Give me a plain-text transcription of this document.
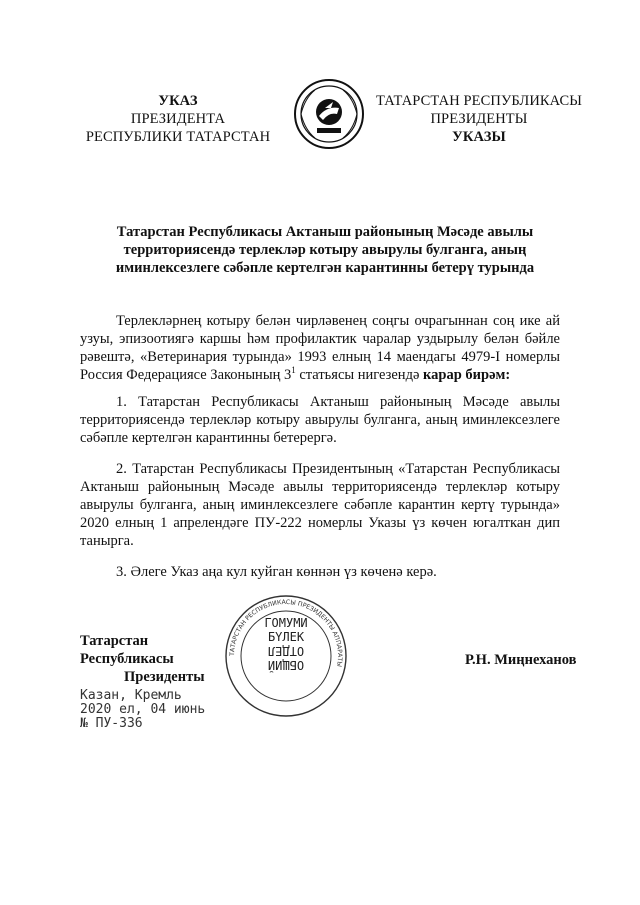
УКАЗ
ПРЕЗИДЕНТА
РЕСПУБЛИКИ ТАТАРСТАН
ТАТАРСТАН РЕСПУБЛИКАСЫ
ПРЕЗИДЕНТЫ
УКАЗЫ
Татарстан Республикасы Актаныш районының Мәсәде авылы территориясендә терлекләр котыру авырулы булганга, аның иминлексезлеге сәбәпле кертелгән карантинны бетерү турында
Терлекләрнең котыру белән чирләвенең соңгы очрагыннан соң ике ай узуы, эпизоотиягә каршы һәм профилактик чаралар уздырылу белән бәйле рәвештә, «Ветеринария турында» 1993 елның 14 маендагы 4979-I номерлы Россия Федерациясе Законының $3^1$ статьясы нигезендә карар бирәм:
1. Татарстан Республикасы Актаныш районының Мәсәде авылы территориясендә терлекләр котыру авырулы булганга, аның иминлексезлеге сәбәпле кертелгән карантинны бетерергә.
2. Татарстан Республикасы Президентының «Татарстан Республикасы Актаныш районының Мәсәде авылы территориясендә терлекләр котыру авырулы булганга, аның иминлексезлеге сәбәпле карантин кертү турында» 2020 елның 1 апрелендәге ПУ-222 номерлы Указы үз көчен югалткан дип танырга.
3. Әлеге Указ аңа кул куйган көннән үз көченә керә.
ТАТАРСТАН РЕСПУБЛИКАСЫ ПРЕЗИДЕНТЫ АППАРАТЫ
ГОМУМИ
БҮЛЕК
ОТДЕЛ
ОБЩИЙ
Татарстан Республикасы
Президенты
Р.Н. Миңнеханов
Казан, Кремль
2020 ел, 04 июнь
№ ПУ-336
